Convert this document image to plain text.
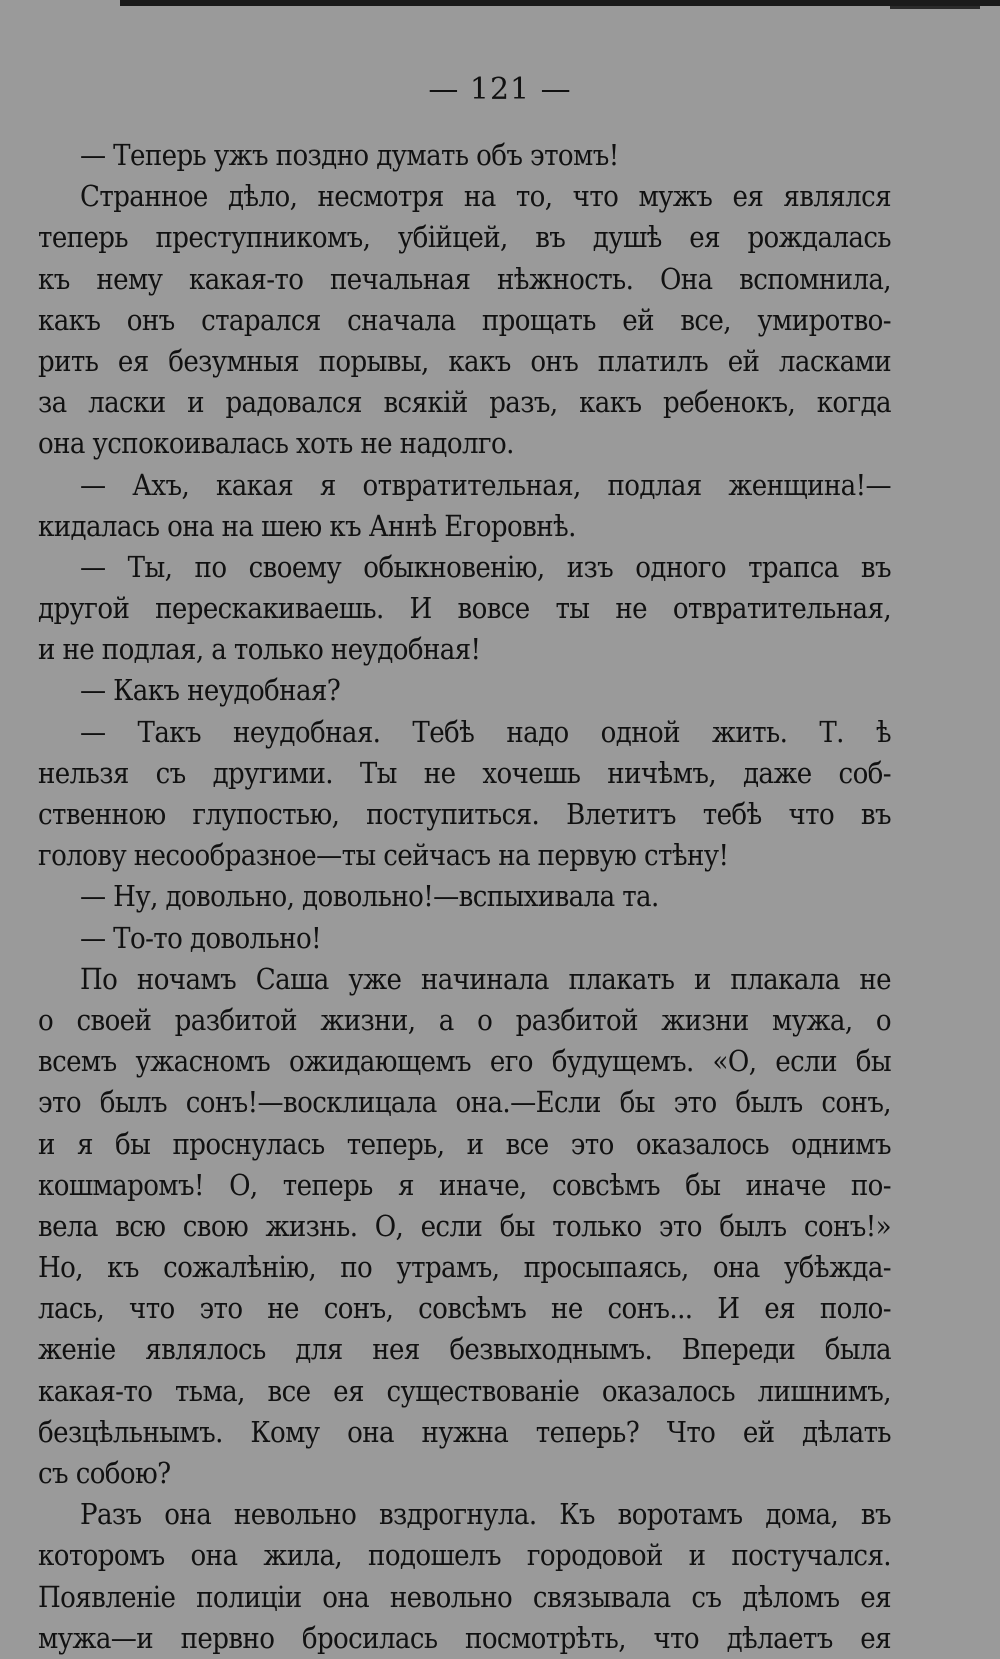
— 121 —
— Теперь ужъ поздно думать объ этомъ!
Странное дѣло, несмотря на то, что мужъ ея являлся
теперь преступникомъ, убійцей, въ душѣ ея рождалась
къ нему какая-то печальная нѣжность. Она вспомнила,
какъ онъ старался сначала прощать ей все, умиротво-
рить ея безумныя порывы, какъ онъ платилъ ей ласками
за ласки и радовался всякій разъ, какъ ребенокъ, когда
она успокоивалась хоть не надолго.
— Ахъ, какая я отвратительная, подлая женщина!—
кидалась она на шею къ Аннѣ Егоровнѣ.
— Ты, по своему обыкновенію, изъ одного трапса въ
другой перескакиваешь. И вовсе ты не отвратительная,
и не подлая, а только неудобная!
— Какъ неудобная?
— Такъ неудобная. Тебѣ надо одной жить. Т. ѣ
нельзя съ другими. Ты не хочешь ничѣмъ, даже соб-
ственною глупостью, поступиться. Влетитъ тебѣ что въ
голову несообразное—ты сейчасъ на первую стѣну!
— Ну, довольно, довольно!—вспыхивала та.
— То-то довольно!
По ночамъ Саша уже начинала плакать и плакала не
о своей разбитой жизни, а о разбитой жизни мужа, о
всемъ ужасномъ ожидающемъ его будущемъ. «О, если бы
это былъ сонъ!—восклицала она.—Если бы это былъ сонъ,
и я бы проснулась теперь, и все это оказалось однимъ
кошмаромъ! О, теперь я иначе, совсѣмъ бы иначе по-
вела всю свою жизнь. О, если бы только это былъ сонъ!»
Но, къ сожалѣнію, по утрамъ, просыпаясь, она убѣжда-
лась, что это не сонъ, совсѣмъ не сонъ... И ея поло-
женіе являлось для нея безвыходнымъ. Впереди была
какая-то тьма, все ея существованіе оказалось лишнимъ,
безцѣльнымъ. Кому она нужна теперь? Что ей дѣлать
съ собою?
Разъ она невольно вздрогнула. Къ воротамъ дома, въ
которомъ она жила, подошелъ городовой и постучался.
Появленіе полиціи она невольно связывала съ дѣломъ ея
мужа—и первно бросилась посмотрѣть, что дѣлаетъ ея
